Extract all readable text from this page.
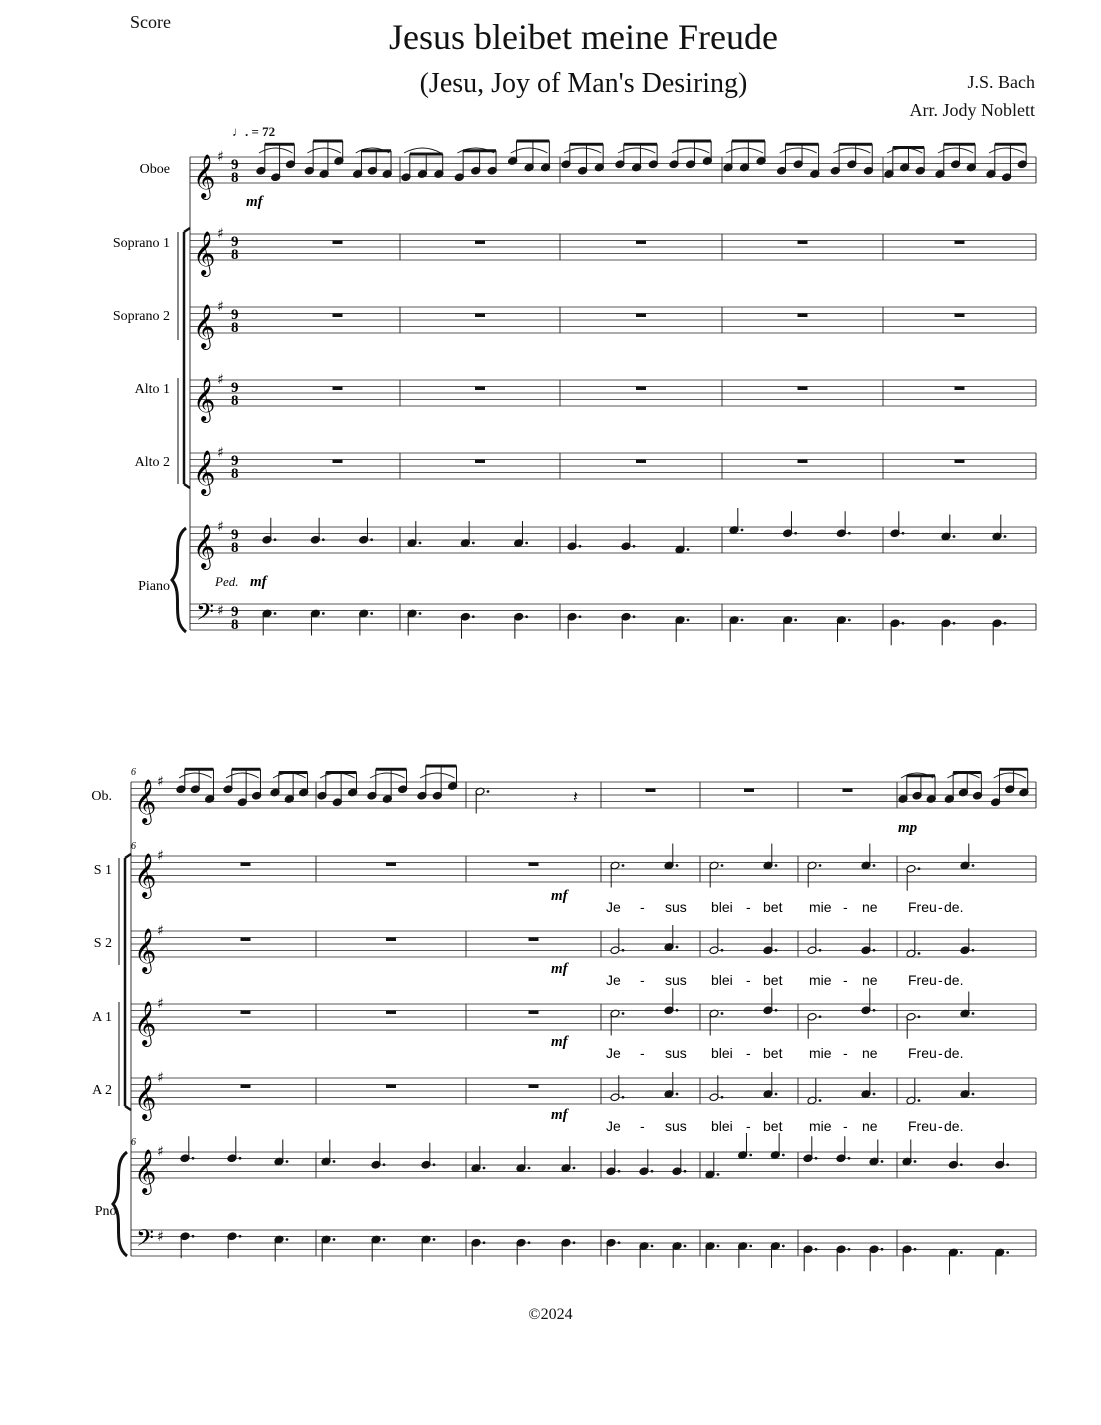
Score	Jesus bleibet meine Freude
(Jesu, Joy of Man's Desiring)	J.S. Bach
Arr. Jody Noblett
♩. = 72
Oboe
Soprano 1
Soprano 2
Alto 1
Alto 2
Piano
𝄞 ♯ 9
8
𝄞 ♯ 9
8
𝄞 ♯ 9
8
𝄞 ♯ 9
8
𝄞 ♯ 9
8
𝄞 ♯ 9
8
𝄢 ♯ 9
8
mf
Ped. mf
Ob.
S 1
S 2
A 1
A 2
Pno.
𝄞 ♯
𝄞 ♯
𝄞 ♯
𝄞 ♯
𝄞 ♯
𝄞 ♯
𝄢 ♯
6
6
6
𝄽
mp
mf
Je - sus blei - bet mie - ne Freu - de.
mf
Je - sus blei - bet mie - ne Freu - de.
mf
Je - sus blei - bet mie - ne Freu - de.
mf
Je - sus blei - bet mie - ne Freu - de.
©2024
